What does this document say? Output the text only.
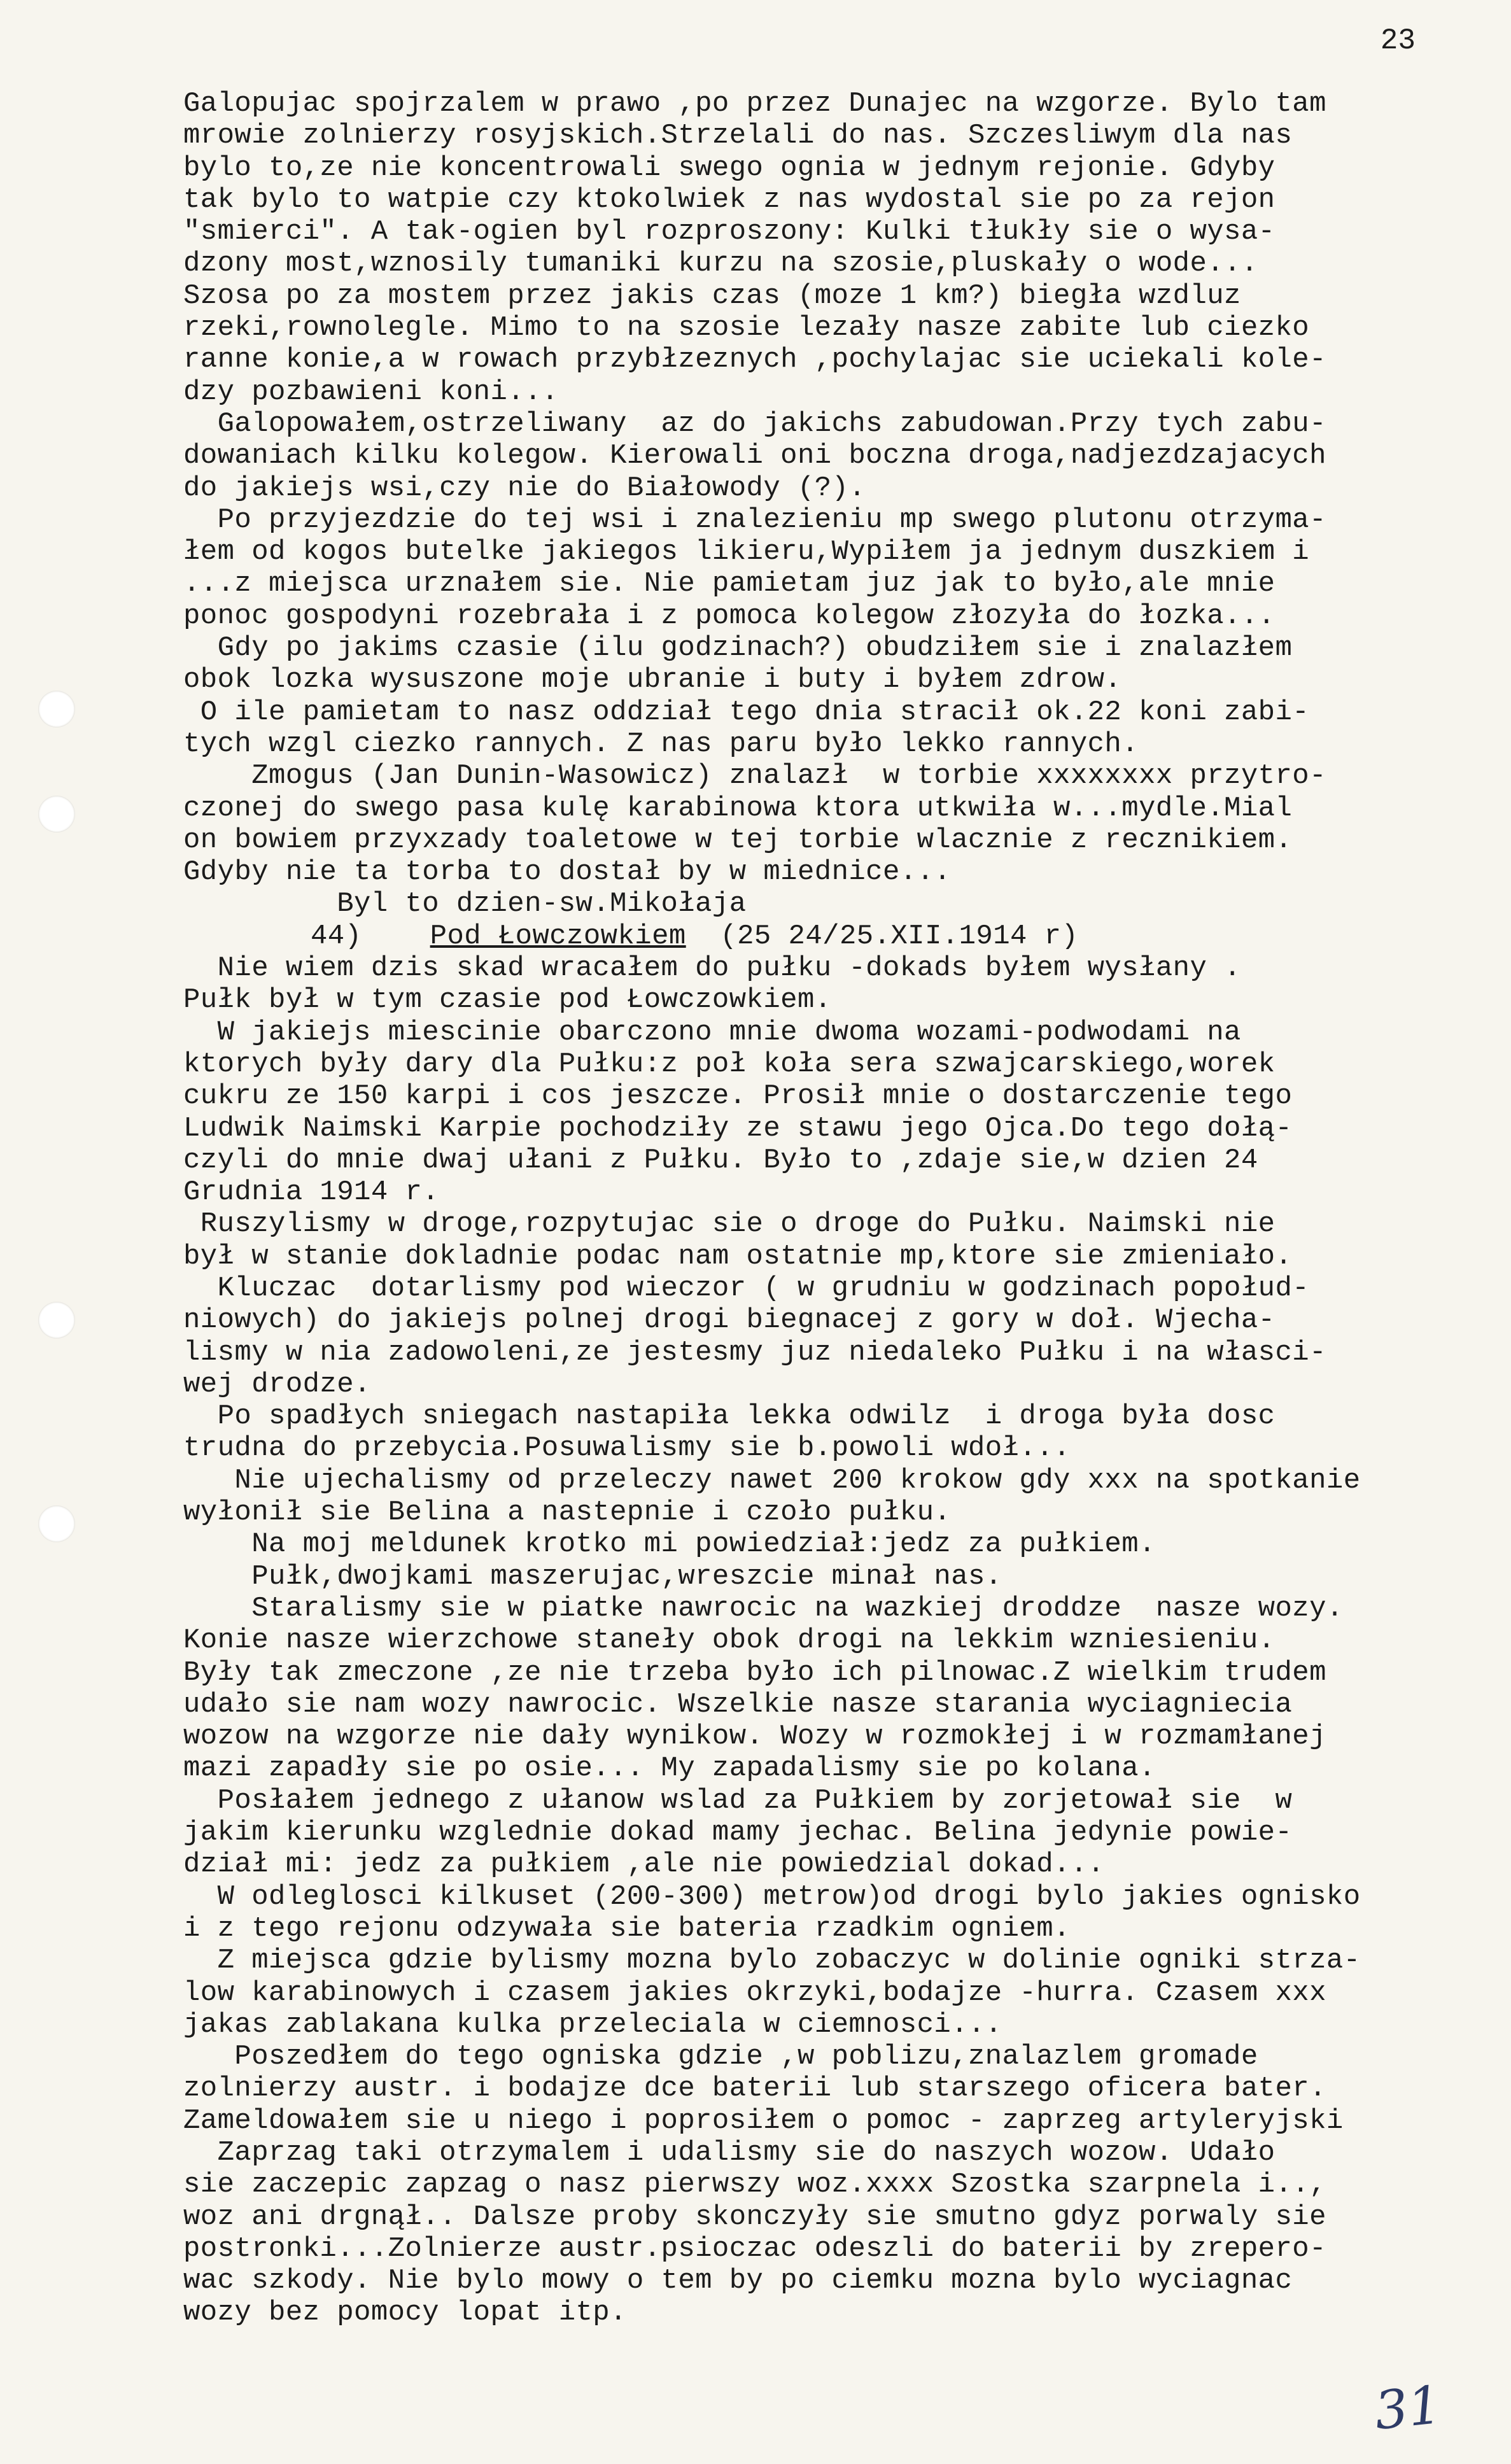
23
Galopujac spojrzalem w prawo ,po przez Dunajec na wzgorze. Bylo tam
mrowie zolnierzy rosyjskich.Strzelali do nas. Szczesliwym dla nas
bylo to,ze nie koncentrowali swego ognia w jednym rejonie. Gdyby
tak bylo to watpie czy ktokolwiek z nas wydostal sie po za rejon
"smierci". A tak-ogien byl rozproszony: Kulki tłukły sie o wysa-
dzony most,wznosily tumaniki kurzu na szosie,pluskały o wode...
Szosa po za mostem przez jakis czas (moze 1 km?) biegła wzdluz
rzeki,rownolegle. Mimo to na szosie lezały nasze zabite lub ciezko
ranne konie,a w rowach przybłzeznych ,pochylajac sie uciekali kole-
dzy pozbawieni koni...
Galopowałem,ostrzeliwany  az do jakichs zabudowan.Przy tych zabu-
dowaniach kilku kolegow. Kierowali oni boczna droga,nadjezdzajacych
do jakiejs wsi,czy nie do Białowody (?).
Po przyjezdzie do tej wsi i znalezieniu mp swego plutonu otrzyma-
łem od kogos butelke jakiegos likieru,Wypiłem ja jednym duszkiem i
...z miejsca urznałem sie. Nie pamietam juz jak to było,ale mnie
ponoc gospodyni rozebrała i z pomoca kolegow złozyła do łozka...
Gdy po jakims czasie (ilu godzinach?) obudziłem sie i znalazłem
obok lozka wysuszone moje ubranie i buty i byłem zdrow.
O ile pamietam to nasz oddział tego dnia stracił ok.22 koni zabi-
tych wzgl ciezko rannych. Z nas paru było lekko rannych.
Zmogus (Jan Dunin-Wasowicz) znalazł  w torbie xxxxxxxx przytro-
czonej do swego pasa kulę karabinowa ktora utkwiła w...mydle.Mial
on bowiem przyxzady toaletowe w tej torbie wlacznie z recznikiem.
Gdyby nie ta torba to dostał by w miednice...
Byl to dzien-sw.Mikołaja
44) Pod Łowczowkiem (25 24/25.XII.1914 r)
Nie wiem dzis skad wracałem do pułku -dokads byłem wysłany .
Pułk był w tym czasie pod Łowczowkiem.
W jakiejs miescinie obarczono mnie dwoma wozami-podwodami na
ktorych były dary dla Pułku:z poł koła sera szwajcarskiego,worek
cukru ze 150 karpi i cos jeszcze. Prosił mnie o dostarczenie tego
Ludwik Naimski Karpie pochodziły ze stawu jego Ojca.Do tego dołą-
czyli do mnie dwaj ułani z Pułku. Było to ,zdaje sie,w dzien 24
Grudnia 1914 r.
Ruszylismy w droge,rozpytujac sie o droge do Pułku. Naimski nie
był w stanie dokladnie podac nam ostatnie mp,ktore sie zmieniało.
Kluczac  dotarlismy pod wieczor ( w grudniu w godzinach popołud-
niowych) do jakiejs polnej drogi biegnacej z gory w doł. Wjecha-
lismy w nia zadowoleni,ze jestesmy juz niedaleko Pułku i na własci-
wej drodze.
Po spadłych sniegach nastapiła lekka odwilz  i droga była dosc
trudna do przebycia.Posuwalismy sie b.powoli wdoł...
Nie ujechalismy od przeleczy nawet 200 krokow gdy xxx na spotkanie
wyłonił sie Belina a nastepnie i czoło pułku.
Na moj meldunek krotko mi powiedział:jedz za pułkiem.
Pułk,dwojkami maszerujac,wreszcie minał nas.
Staralismy sie w piatke nawrocic na wazkiej droddze  nasze wozy.
Konie nasze wierzchowe staneły obok drogi na lekkim wzniesieniu.
Były tak zmeczone ,ze nie trzeba było ich pilnowac.Z wielkim trudem
udało sie nam wozy nawrocic. Wszelkie nasze starania wyciagniecia
wozow na wzgorze nie dały wynikow. Wozy w rozmokłej i w rozmamłanej
mazi zapadły sie po osie... My zapadalismy sie po kolana.
Posłałem jednego z ułanow wslad za Pułkiem by zorjetował sie  w
jakim kierunku wzglednie dokad mamy jechac. Belina jedynie powie-
dział mi: jedz za pułkiem ,ale nie powiedzial dokad...
W odleglosci kilkuset (200-300) metrow)od drogi bylo jakies ognisko
i z tego rejonu odzywała sie bateria rzadkim ogniem.
Z miejsca gdzie bylismy mozna bylo zobaczyc w dolinie ogniki strza-
low karabinowych i czasem jakies okrzyki,bodajze -hurra. Czasem xxx
jakas zablakana kulka przeleciala w ciemnosci...
Poszedłem do tego ogniska gdzie ,w poblizu,znalazlem gromade
zolnierzy austr. i bodajze dce baterii lub starszego oficera bater.
Zameldowałem sie u niego i poprosiłem o pomoc - zaprzeg artyleryjski
Zaprzag taki otrzymalem i udalismy sie do naszych wozow. Udało
sie zaczepic zapzag o nasz pierwszy woz.xxxx Szostka szarpnela i..,
woz ani drgnął.. Dalsze proby skonczyły sie smutno gdyz porwaly sie
postronki...Zolnierze austr.psioczac odeszli do baterii by zrepero-
wac szkody. Nie bylo mowy o tem by po ciemku mozna bylo wyciagnac
wozy bez pomocy lopat itp.
31
